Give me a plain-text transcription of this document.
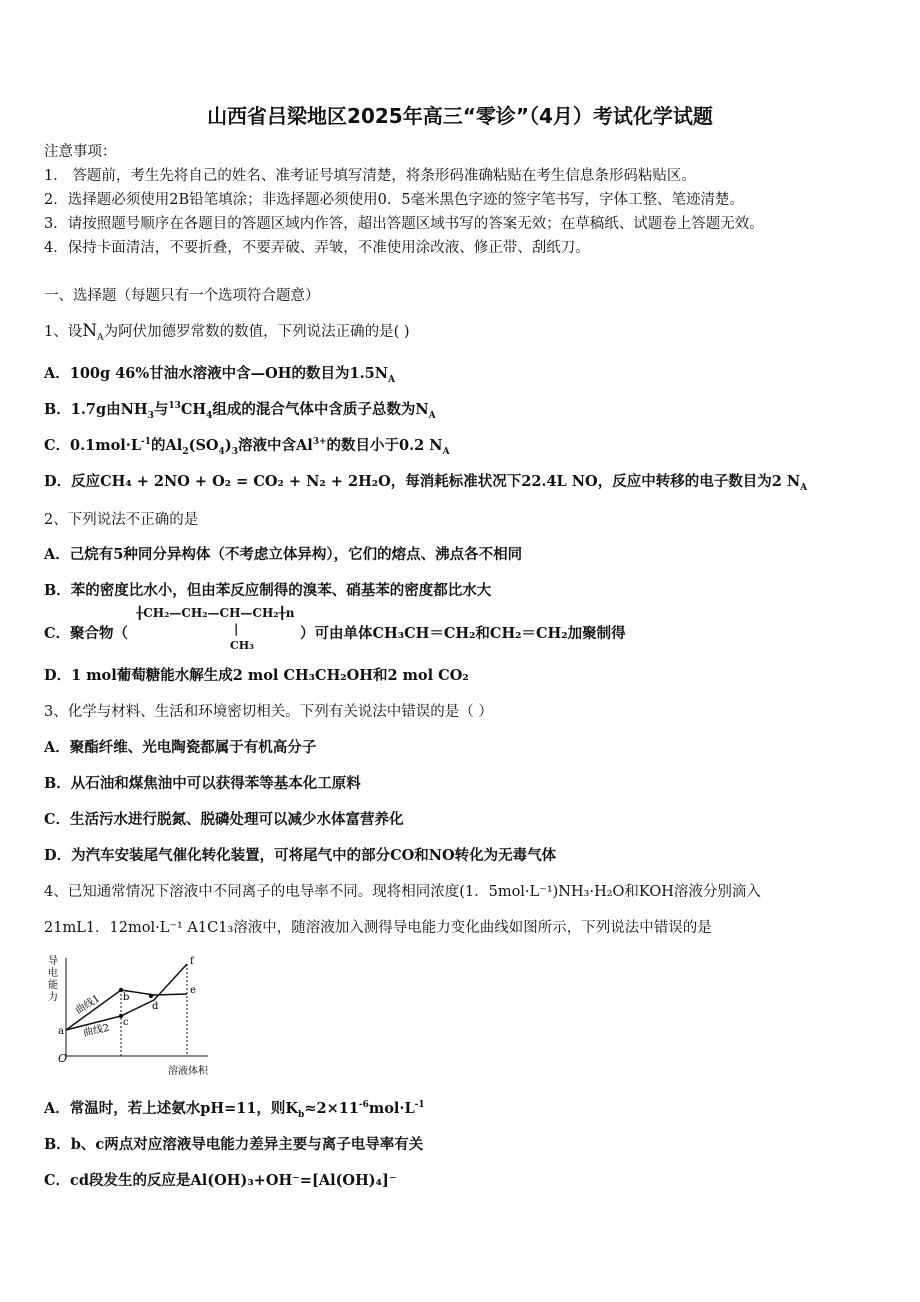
山西省吕梁地区2025年高三“零诊”（4月）考试化学试题
注意事项：
1． 答题前，考生先将自己的姓名、准考证号填写清楚，将条形码准确粘贴在考生信息条形码粘贴区。
2．选择题必须使用2B铅笔填涂；非选择题必须使用0．5毫米黑色字迹的签字笔书写，字体工整、笔迹清楚。
3．请按照题号顺序在各题目的答题区域内作答，超出答题区域书写的答案无效；在草稿纸、试题卷上答题无效。
4．保持卡面清洁，不要折叠，不要弄破、弄皱，不准使用涂改液、修正带、刮纸刀。
一、选择题（每题只有一个选项符合题意）
1、设$N_A$为阿伏加德罗常数的数值，下列说法正确的是( )
A．100g 46%甘油水溶液中含—OH的数目为$1.5N_A$
B．1.7g由$NH_3$与$^{13}CH_4$组成的混合气体中含质子总数为$N_A$
C．$0.1mol\cdot L^{-1}$的$Al_2(SO_4)_3$溶液中含$Al^{3+}$的数目小于0.2 $N_A$
D．反应CH₄ + 2NO + O₂ = CO₂ + N₂ + 2H₂O，每消耗标准状况下22.4L NO，反应中转移的电子数目为2 $N_A$
2、下列说法不正确的是
A．己烷有5种同分异构体（不考虑立体异构），它们的熔点、沸点各不相同
B．苯的密度比水小，但由苯反应制得的溴苯、硝基苯的密度都比水大
C．聚合物（
╂CH₂—CH₂—CH—CH₂╂n
|
CH₃
）可由单体CH₃CH＝CH₂和CH₂＝CH₂加聚制得
D．1 mol葡萄糖能水解生成2 mol CH₃CH₂OH和2 mol CO₂
3、化学与材料、生活和环境密切相关。下列有关说法中错误的是（ ）
A．聚酯纤维、光电陶瓷都属于有机高分子
B．从石油和煤焦油中可以获得苯等基本化工原料
C．生活污水进行脱氮、脱磷处理可以减少水体富营养化
D．为汽车安装尾气催化转化装置，可将尾气中的部分CO和NO转化为无毒气体
4、已知通常情况下溶液中不同离子的电导率不同。现将相同浓度(1．5mol·L⁻¹)NH₃·H₂O和KOH溶液分别滴入
21mL1．12mol·L⁻¹ A1C1₃溶液中，随溶液加入测得导电能力变化曲线如图所示，下列说法中错误的是
导
电
能
力
O
溶液体积
a
b
c
d
e
f
曲线1
曲线2
A．常温时，若上述氨水pH=11，则$K_b\approx 2\times 11^{-6}mol\cdot L^{-1}$
B．b、c两点对应溶液导电能力差异主要与离子电导率有关
C．cd段发生的反应是Al(OH)₃+OH⁻=[Al(OH)₄]⁻
